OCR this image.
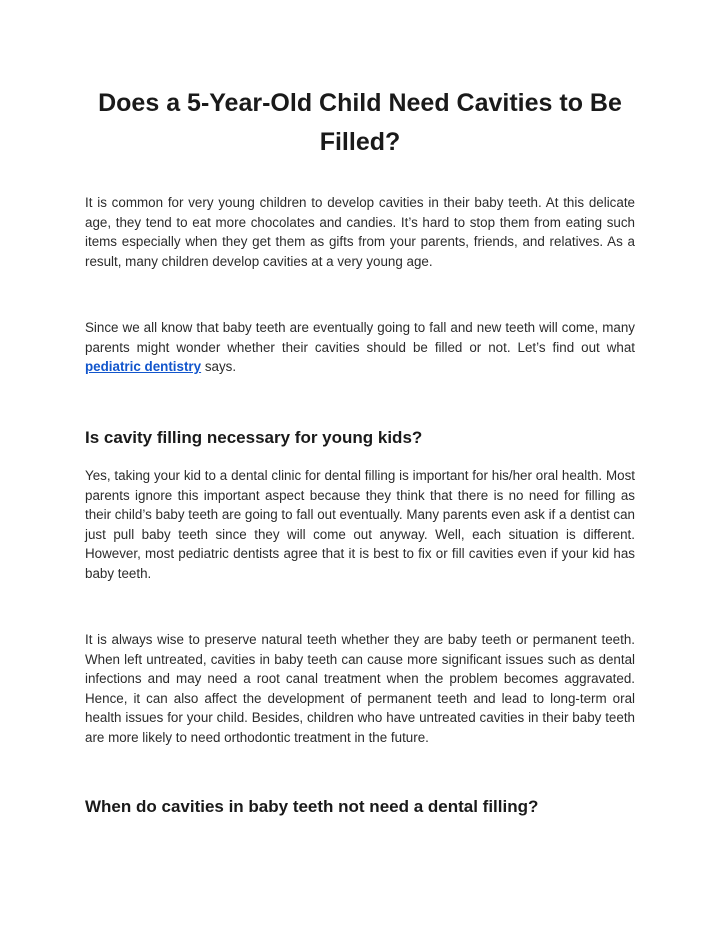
Does a 5-Year-Old Child Need Cavities to Be Filled?

It is common for very young children to develop cavities in their baby teeth. At this delicate age, they tend to eat more chocolates and candies. It’s hard to stop them from eating such items especially when they get them as gifts from your parents, friends, and relatives. As a result, many children develop cavities at a very young age.

Since we all know that baby teeth are eventually going to fall and new teeth will come, many parents might wonder whether their cavities should be filled or not. Let’s find out what pediatric dentistry says.

Is cavity filling necessary for young kids?

Yes, taking your kid to a dental clinic for dental filling is important for his/her oral health. Most parents ignore this important aspect because they think that there is no need for filling as their child’s baby teeth are going to fall out eventually. Many parents even ask if a dentist can just pull baby teeth since they will come out anyway. Well, each situation is different. However, most pediatric dentists agree that it is best to fix or fill cavities even if your kid has baby teeth.

It is always wise to preserve natural teeth whether they are baby teeth or permanent teeth. When left untreated, cavities in baby teeth can cause more significant issues such as dental infections and may need a root canal treatment when the problem becomes aggravated. Hence, it can also affect the development of permanent teeth and lead to long-term oral health issues for your child. Besides, children who have untreated cavities in their baby teeth are more likely to need orthodontic treatment in the future.

When do cavities in baby teeth not need a dental filling?
